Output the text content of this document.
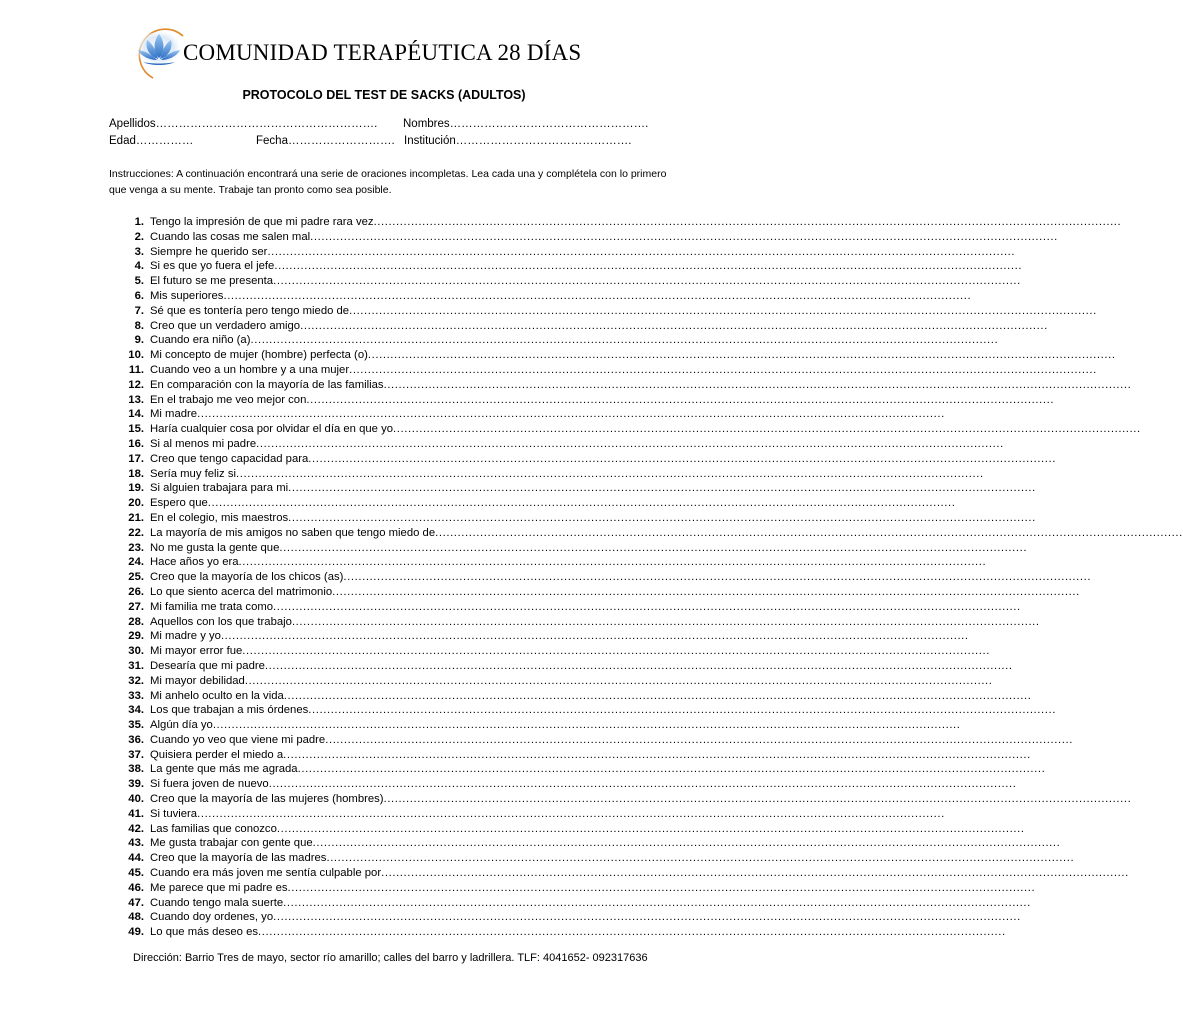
COMUNIDAD TERAPÉUTICA 28 DÍAS
PROTOCOLO DEL TEST DE SACKS (ADULTOS)
Apellidos…………………………………………………. Nombres…………………………………………….
Edad……………	Fecha………………………. Institución……………………………………….
Instrucciones: A continuación encontrará una serie de oraciones incompletas. Lea cada una y complétela con lo primero que venga a su mente. Trabaje tan pronto como sea posible.
1. Tengo la impresión de que mi padre rara vez ........................................................................................................................................................................................................
2. Cuando las cosas me salen mal ........................................................................................................................................................................................................
3. Siempre he querido ser ........................................................................................................................................................................................................
4. Si es que yo fuera el jefe ........................................................................................................................................................................................................
5. El futuro se me presenta ........................................................................................................................................................................................................
6. Mis superiores ........................................................................................................................................................................................................
7. Sé que es tontería pero tengo miedo de ........................................................................................................................................................................................................
8. Creo que un verdadero amigo ........................................................................................................................................................................................................
9. Cuando era niño (a) ........................................................................................................................................................................................................
10. Mi concepto de mujer (hombre) perfecta (o) ........................................................................................................................................................................................................
11. Cuando veo a un hombre y a una mujer ........................................................................................................................................................................................................
12. En comparación con la mayoría de las familias ........................................................................................................................................................................................................
13. En el trabajo me veo mejor con ........................................................................................................................................................................................................
14. Mi madre ........................................................................................................................................................................................................
15. Haría cualquier cosa por olvidar el día en que yo ........................................................................................................................................................................................................
16. Si al menos mi padre ........................................................................................................................................................................................................
17. Creo que tengo capacidad para ........................................................................................................................................................................................................
18. Sería muy feliz si ........................................................................................................................................................................................................
19. Si alguien trabajara para mi ........................................................................................................................................................................................................
20. Espero que ........................................................................................................................................................................................................
21. En el colegio, mis maestros ........................................................................................................................................................................................................
22. La mayoría de mis amigos no saben que tengo miedo de ........................................................................................................................................................................................................
23. No me gusta la gente que ........................................................................................................................................................................................................
24. Hace años yo era ........................................................................................................................................................................................................
25. Creo que la mayoría de los chicos (as) ........................................................................................................................................................................................................
26. Lo que siento acerca del matrimonio ........................................................................................................................................................................................................
27. Mi familia me trata como ........................................................................................................................................................................................................
28. Aquellos con los que trabajo ........................................................................................................................................................................................................
29. Mi madre y yo ........................................................................................................................................................................................................
30. Mi mayor error fue ........................................................................................................................................................................................................
31. Desearía que mi padre ........................................................................................................................................................................................................
32. Mi mayor debilidad ........................................................................................................................................................................................................
33. Mi anhelo oculto en la vida ........................................................................................................................................................................................................
34. Los que trabajan a mis órdenes ........................................................................................................................................................................................................
35. Algún día yo ........................................................................................................................................................................................................
36. Cuando yo veo que viene mi padre ........................................................................................................................................................................................................
37. Quisiera perder el miedo a ........................................................................................................................................................................................................
38. La gente que más me agrada ........................................................................................................................................................................................................
39. Si fuera joven de nuevo ........................................................................................................................................................................................................
40. Creo que la mayoría de las mujeres (hombres) ........................................................................................................................................................................................................
41. Si tuviera ........................................................................................................................................................................................................
42. Las familias que conozco ........................................................................................................................................................................................................
43. Me gusta trabajar con gente que ........................................................................................................................................................................................................
44. Creo que la mayoría de las madres ........................................................................................................................................................................................................
45. Cuando era más joven me sentía culpable por ........................................................................................................................................................................................................
46. Me parece que mi padre es ........................................................................................................................................................................................................
47. Cuando tengo mala suerte ........................................................................................................................................................................................................
48. Cuando doy ordenes, yo ........................................................................................................................................................................................................
49. Lo que más deseo es ........................................................................................................................................................................................................
Dirección: Barrio Tres de mayo, sector río amarillo; calles del barro y ladrillera. TLF: 4041652- 092317636
